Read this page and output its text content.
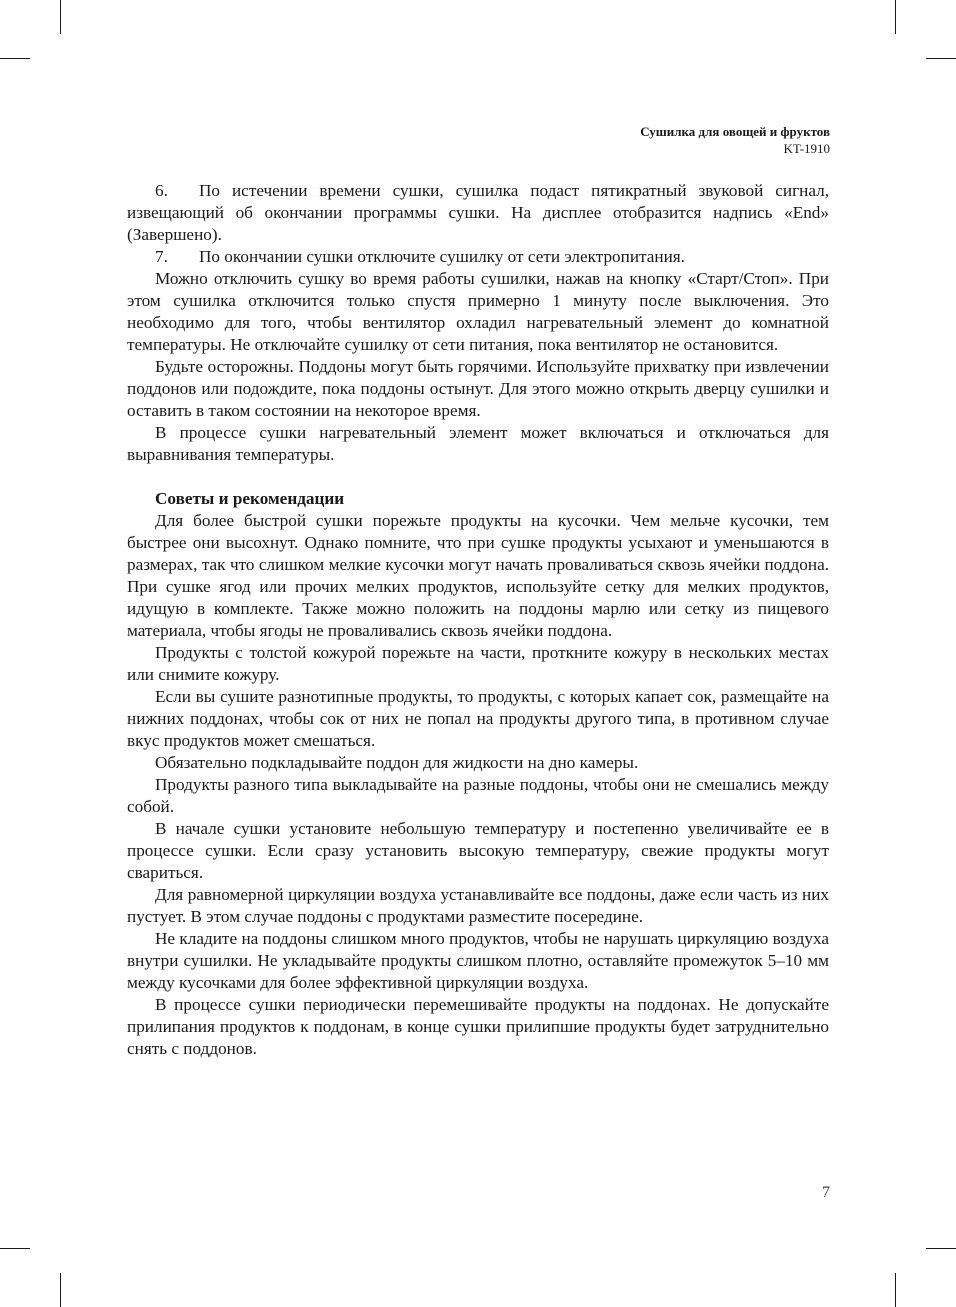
Сушилка для овощей и фруктов
KT-1910

6. По истечении времени сушки, сушилка подаст пятикратный звуковой сигнал, извещающий об окончании программы сушки. На дисплее отобразится надпись «End» (Завершено).

7. По окончании сушки отключите сушилку от сети электропитания.

Можно отключить сушку во время работы сушилки, нажав на кнопку «Старт/Стоп». При этом сушилка отключится только спустя примерно 1 минуту после выключения. Это необходимо для того, чтобы вентилятор охладил нагревательный элемент до комнатной температуры. Не отключайте сушилку от сети питания, пока вентилятор не остановится.

Будьте осторожны. Поддоны могут быть горячими. Используйте прихватку при извлечении поддонов или подождите, пока поддоны остынут. Для этого можно открыть дверцу сушилки и оставить в таком состоянии на некоторое время.

В процессе сушки нагревательный элемент может включаться и отключаться для выравнивания температуры.

Советы и рекомендации

Для более быстрой сушки порежьте продукты на кусочки. Чем мельче кусочки, тем быстрее они высохнут. Однако помните, что при сушке продукты усыхают и уменьшаются в размерах, так что слишком мелкие кусочки могут начать проваливаться сквозь ячейки поддона. При сушке ягод или прочих мелких продуктов, используйте сетку для мелких продуктов, идущую в комплекте. Также можно положить на поддоны марлю или сетку из пищевого материала, чтобы ягоды не проваливались сквозь ячейки поддона.

Продукты с толстой кожурой порежьте на части, проткните кожуру в нескольких местах или снимите кожуру.

Если вы сушите разнотипные продукты, то продукты, с которых капает сок, размещайте на нижних поддонах, чтобы сок от них не попал на продукты другого типа, в противном случае вкус продуктов может смешаться.

Обязательно подкладывайте поддон для жидкости на дно камеры.

Продукты разного типа выкладывайте на разные поддоны, чтобы они не смешались между собой.

В начале сушки установите небольшую температуру и постепенно увеличивайте ее в процессе сушки. Если сразу установить высокую температуру, свежие продукты могут свариться.

Для равномерной циркуляции воздуха устанавливайте все поддоны, даже если часть из них пустует. В этом случае поддоны с продуктами разместите посередине.

Не кладите на поддоны слишком много продуктов, чтобы не нарушать циркуляцию воздуха внутри сушилки. Не укладывайте продукты слишком плотно, оставляйте промежуток 5–10 мм между кусочками для более эффективной циркуляции воздуха.

В процессе сушки периодически перемешивайте продукты на поддонах. Не допускайте прилипания продуктов к поддонам, в конце сушки прилипшие продукты будет затруднительно снять с поддонов.

7
